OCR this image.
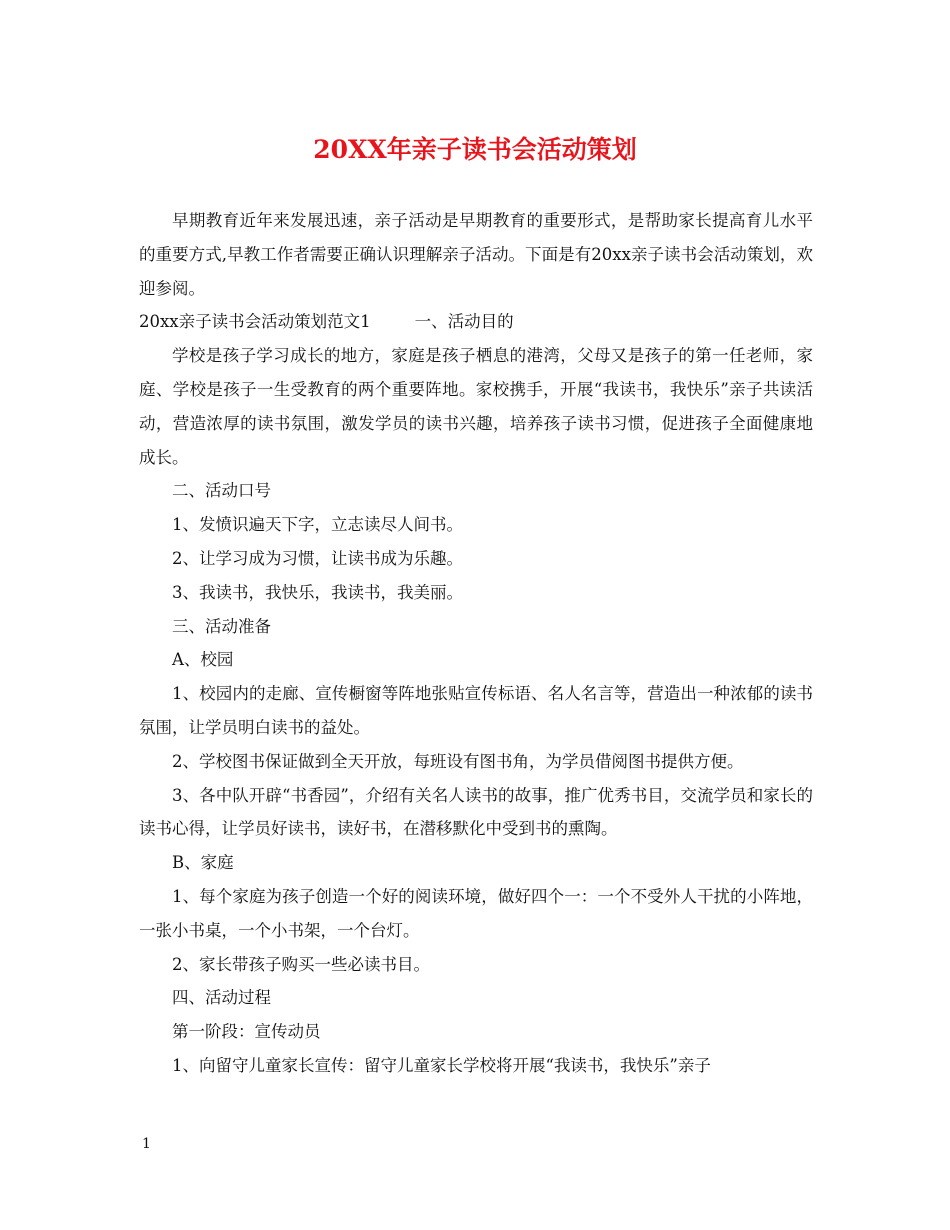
20XX年亲子读书会活动策划

早期教育近年来发展迅速，亲子活动是早期教育的重要形式，是帮助家长提高育儿水平的重要方式,早教工作者需要正确认识理解亲子活动。下面是有20xx亲子读书会活动策划，欢迎参阅。

20xx亲子读书会活动策划范文1	一、活动目的

学校是孩子学习成长的地方，家庭是孩子栖息的港湾，父母又是孩子的第一任老师，家庭、学校是孩子一生受教育的两个重要阵地。家校携手，开展“我读书，我快乐”亲子共读活动，营造浓厚的读书氛围，激发学员的读书兴趣，培养孩子读书习惯，促进孩子全面健康地成长。

二、活动口号

1、发愤识遍天下字，立志读尽人间书。

2、让学习成为习惯，让读书成为乐趣。

3、我读书，我快乐，我读书，我美丽。

三、活动准备

A、校园

1、校园内的走廊、宣传橱窗等阵地张贴宣传标语、名人名言等，营造出一种浓郁的读书氛围，让学员明白读书的益处。

2、学校图书保证做到全天开放，每班设有图书角，为学员借阅图书提供方便。

3、各中队开辟“书香园”，介绍有关名人读书的故事，推广优秀书目，交流学员和家长的读书心得，让学员好读书，读好书，在潜移默化中受到书的熏陶。

B、家庭

1、每个家庭为孩子创造一个好的阅读环境，做好四个一：一个不受外人干扰的小阵地，一张小书桌，一个小书架，一个台灯。

2、家长带孩子购买一些必读书目。

四、活动过程

第一阶段：宣传动员

1、向留守儿童家长宣传：留守儿童家长学校将开展“我读书，我快乐”亲子

1
